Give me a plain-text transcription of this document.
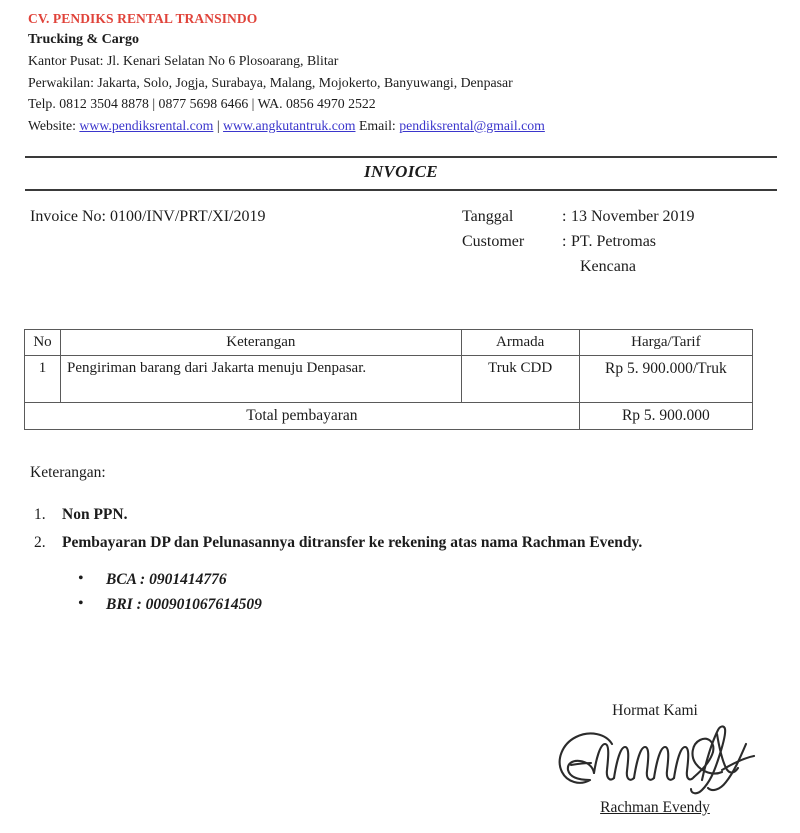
CV. PENDIKS RENTAL TRANSINDO
Trucking & Cargo
Kantor Pusat: Jl. Kenari Selatan No 6 Plosoarang, Blitar
Perwakilan: Jakarta, Solo, Jogja, Surabaya, Malang, Mojokerto, Banyuwangi, Denpasar
Telp. 0812 3504 8878 | 0877 5698 6466 | WA. 0856 4970 2522
Website: www.pendiksrental.com | www.angkutantruk.com Email: pendiksrental@gmail.com
INVOICE
Invoice No: 0100/INV/PRT/XI/2019	Tanggal	: 13 November 2019
Customer	: PT. Petromas
Kencana
No	Keterangan	Armada	Harga/Tarif
1	Pengiriman barang dari Jakarta menuju Denpasar.	Truk CDD	Rp 5. 900.000/Truk
Total pembayaran			Rp 5. 900.000
Keterangan:
1. Non PPN.
2. Pembayaran DP dan Pelunasannya ditransfer ke rekening atas nama Rachman Evendy.
• BCA : 0901414776
• BRI : 000901067614509
Hormat Kami
Rachman Evendy
